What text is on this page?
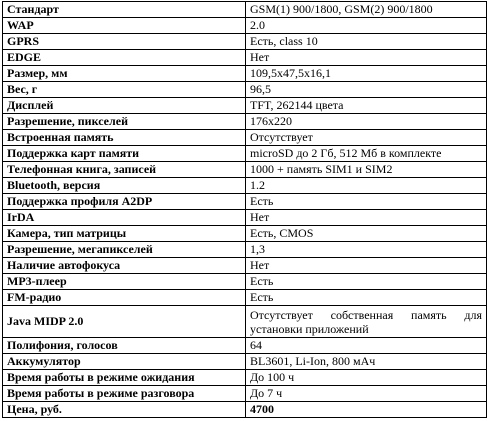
Стандарт	GSM(1) 900/1800, GSM(2) 900/1800
WAP	2.0
GPRS	Есть, class 10
EDGE	Нет
Размер, мм	109,5x47,5x16,1
Вес, г	96,5
Дисплей	TFT, 262144 цвета
Разрешение, пикселей	176x220
Встроенная память	Отсутствует
Поддержка карт памяти	microSD до 2 Гб, 512 Мб в комплекте
Телефонная книга, записей	1000 + память SIM1 и SIM2
Bluetooth, версия	1.2
Поддержка профиля A2DP	Есть
IrDA	Нет
Камера, тип матрицы	Есть, CMOS
Разрешение, мегапикселей	1,3
Наличие автофокуса	Нет
MP3-плеер	Есть
FM-радио	Есть
Java MIDP 2.0	Отсутствует собственная память для установки приложений
Полифония, голосов	64
Аккумулятор	BL3601, Li-Ion, 800 мАч
Время работы в режиме ожидания	До 100 ч
Время работы в режиме разговора	До 7 ч
Цена, руб.	4700
